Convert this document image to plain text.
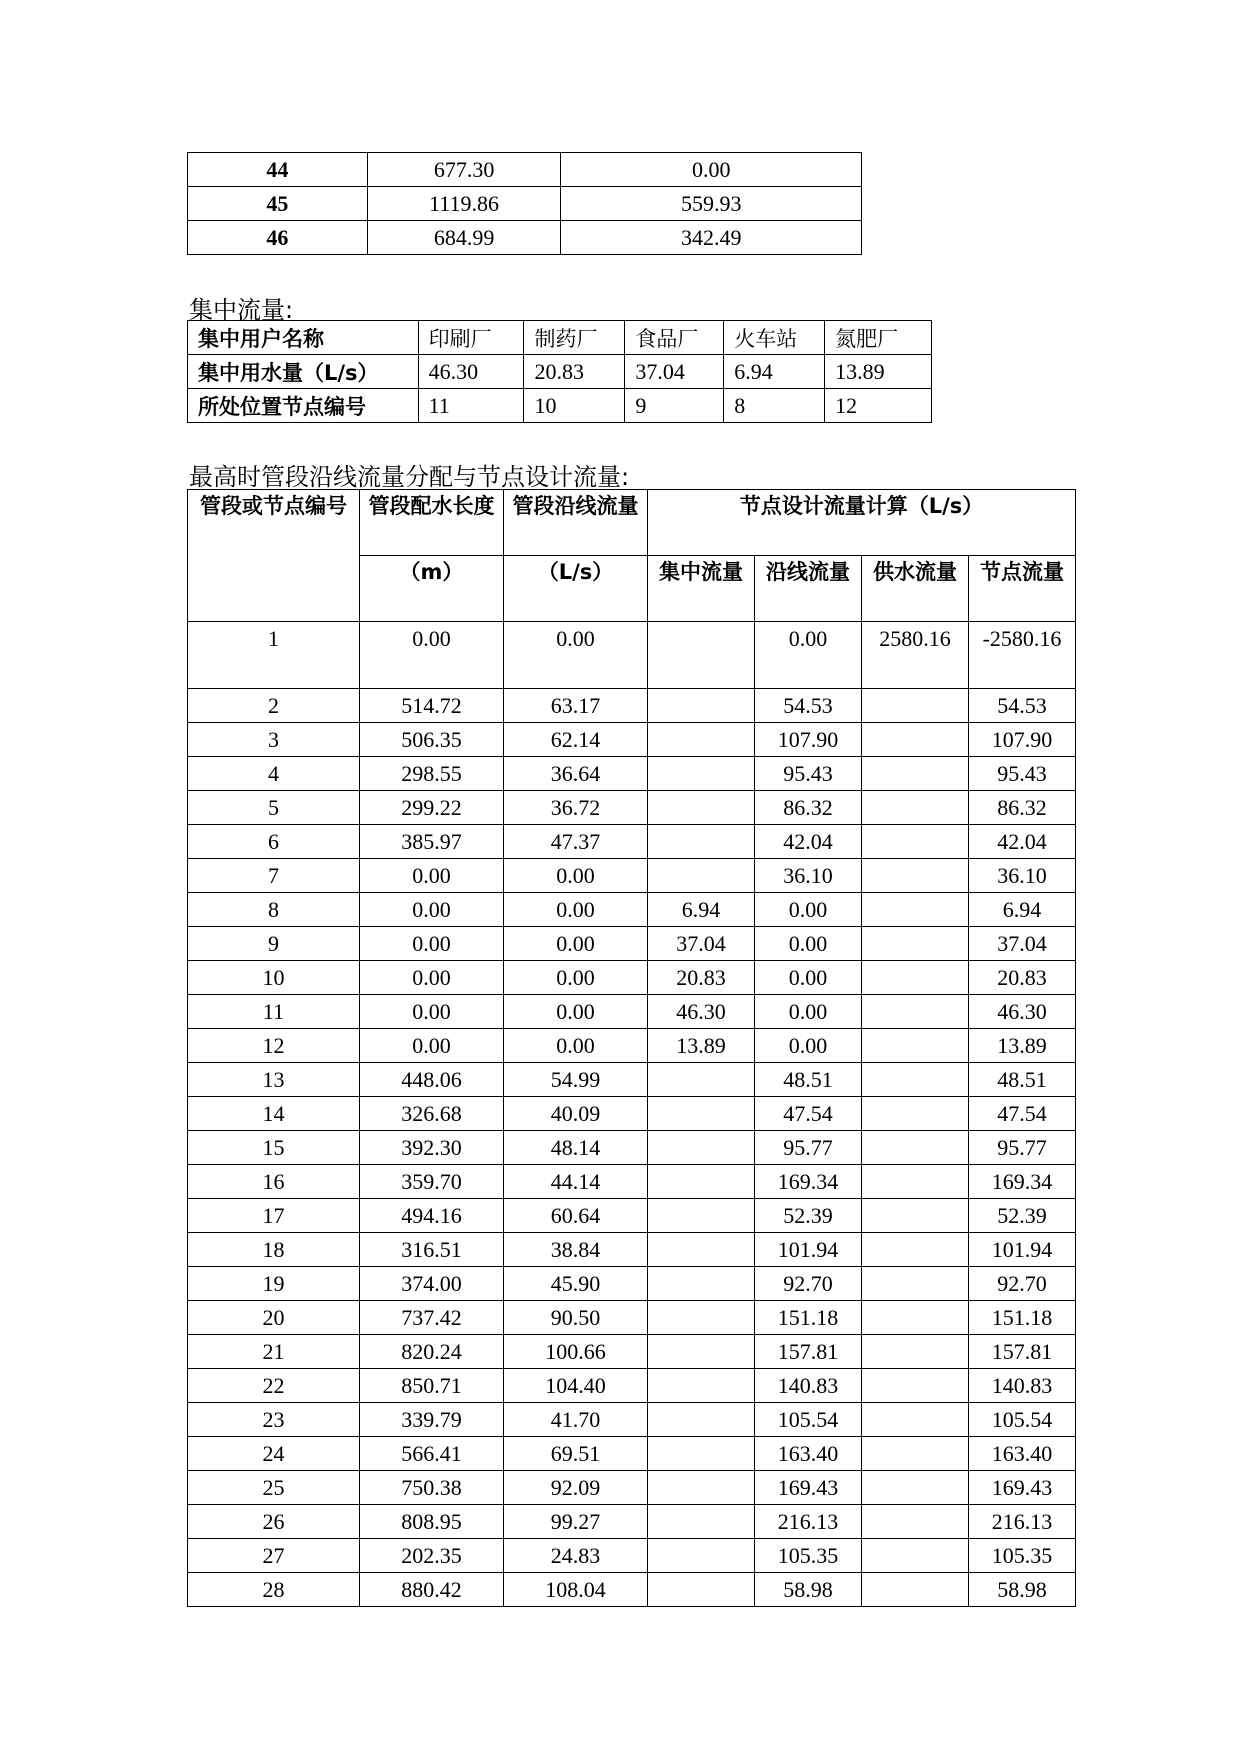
44	677.30	0.00
45	1119.86	559.93
46	684.99	342.49
集中流量:
集中用户名称	印刷厂	制药厂	食品厂	火车站	氮肥厂
集中用水量（L/s）	46.30	20.83	37.04	6.94	13.89
所处位置节点编号	11	10	9	8	12
最高时管段沿线流量分配与节点设计流量:
管段或节点编号	管段配水长度	管段沿线流量	节点设计流量计算（L/s）			
	（m）	（L/s）	集中流量	沿线流量	供水流量	节点流量
1	0.00	0.00		0.00	2580.16	-2580.16
2	514.72	63.17		54.53		54.53
3	506.35	62.14		107.90		107.90
4	298.55	36.64		95.43		95.43
5	299.22	36.72		86.32		86.32
6	385.97	47.37		42.04		42.04
7	0.00	0.00		36.10		36.10
8	0.00	0.00	6.94	0.00		6.94
9	0.00	0.00	37.04	0.00		37.04
10	0.00	0.00	20.83	0.00		20.83
11	0.00	0.00	46.30	0.00		46.30
12	0.00	0.00	13.89	0.00		13.89
13	448.06	54.99		48.51		48.51
14	326.68	40.09		47.54		47.54
15	392.30	48.14		95.77		95.77
16	359.70	44.14		169.34		169.34
17	494.16	60.64		52.39		52.39
18	316.51	38.84		101.94		101.94
19	374.00	45.90		92.70		92.70
20	737.42	90.50		151.18		151.18
21	820.24	100.66		157.81		157.81
22	850.71	104.40		140.83		140.83
23	339.79	41.70		105.54		105.54
24	566.41	69.51		163.40		163.40
25	750.38	92.09		169.43		169.43
26	808.95	99.27		216.13		216.13
27	202.35	24.83		105.35		105.35
28	880.42	108.04		58.98		58.98
